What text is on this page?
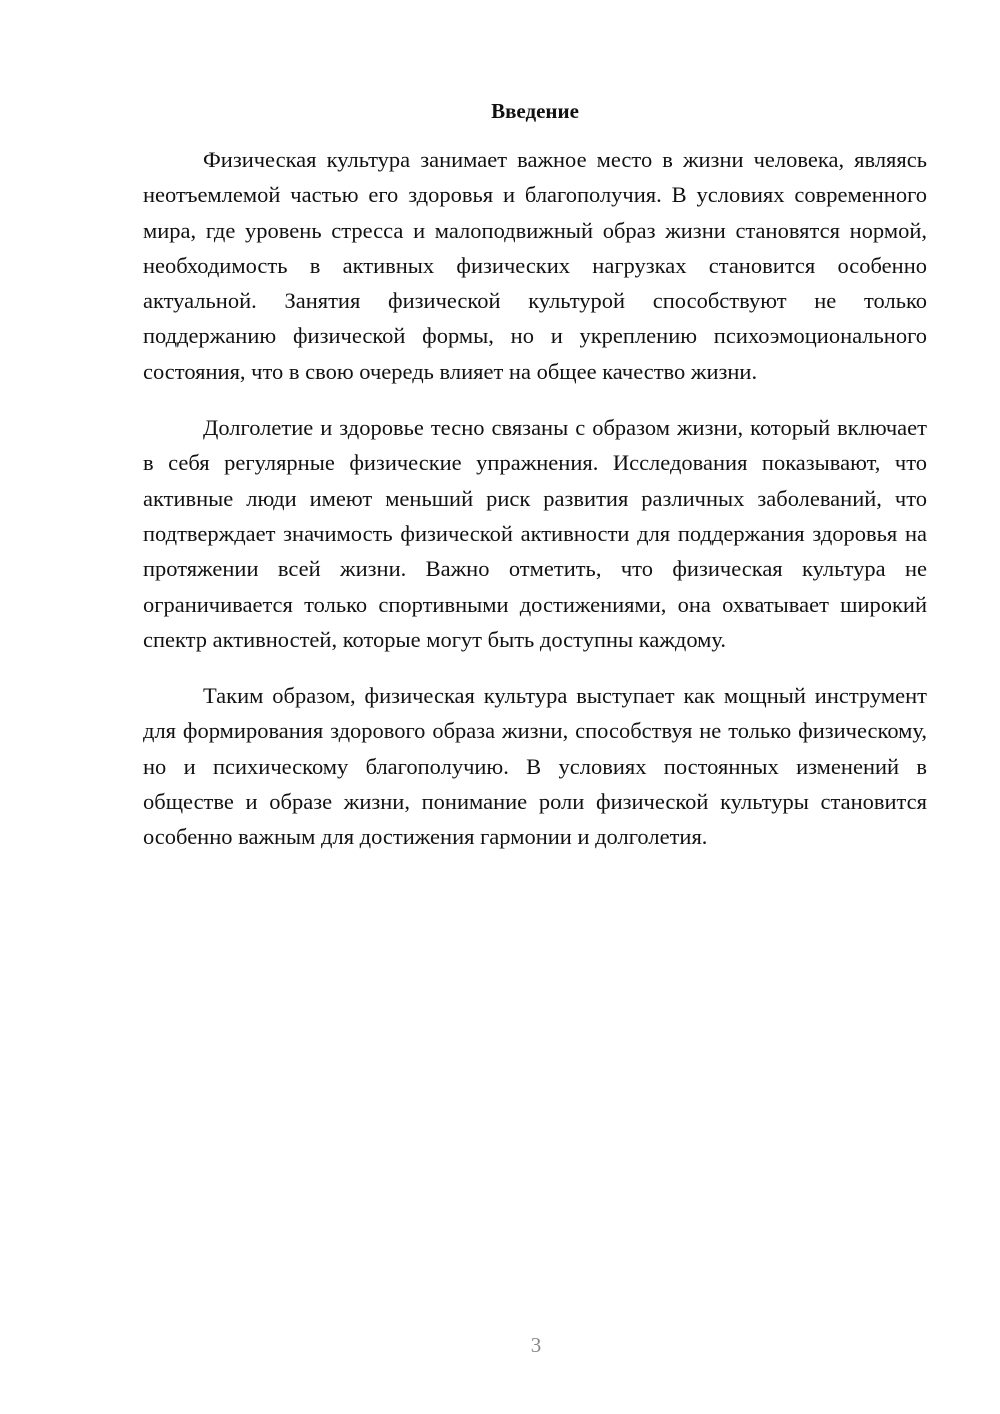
Введение

Физическая культура занимает важное место в жизни человека, являясь неотъемлемой частью его здоровья и благополучия. В условиях современного мира, где уровень стресса и малоподвижный образ жизни становятся нормой, необходимость в активных физических нагрузках становится особенно актуальной. Занятия физической культурой способствуют не только поддержанию физической формы, но и укреплению психоэмоционального состояния, что в свою очередь влияет на общее качество жизни.

Долголетие и здоровье тесно связаны с образом жизни, который включает в себя регулярные физические упражнения. Исследования показывают, что активные люди имеют меньший риск развития различных заболеваний, что подтверждает значимость физической активности для поддержания здоровья на протяжении всей жизни. Важно отметить, что физическая культура не ограничивается только спортивными достижениями, она охватывает широкий спектр активностей, которые могут быть доступны каждому.

Таким образом, физическая культура выступает как мощный инструмент для формирования здорового образа жизни, способствуя не только физическому, но и психическому благополучию. В условиях постоянных изменений в обществе и образе жизни, понимание роли физической культуры становится особенно важным для достижения гармонии и долголетия.

3
